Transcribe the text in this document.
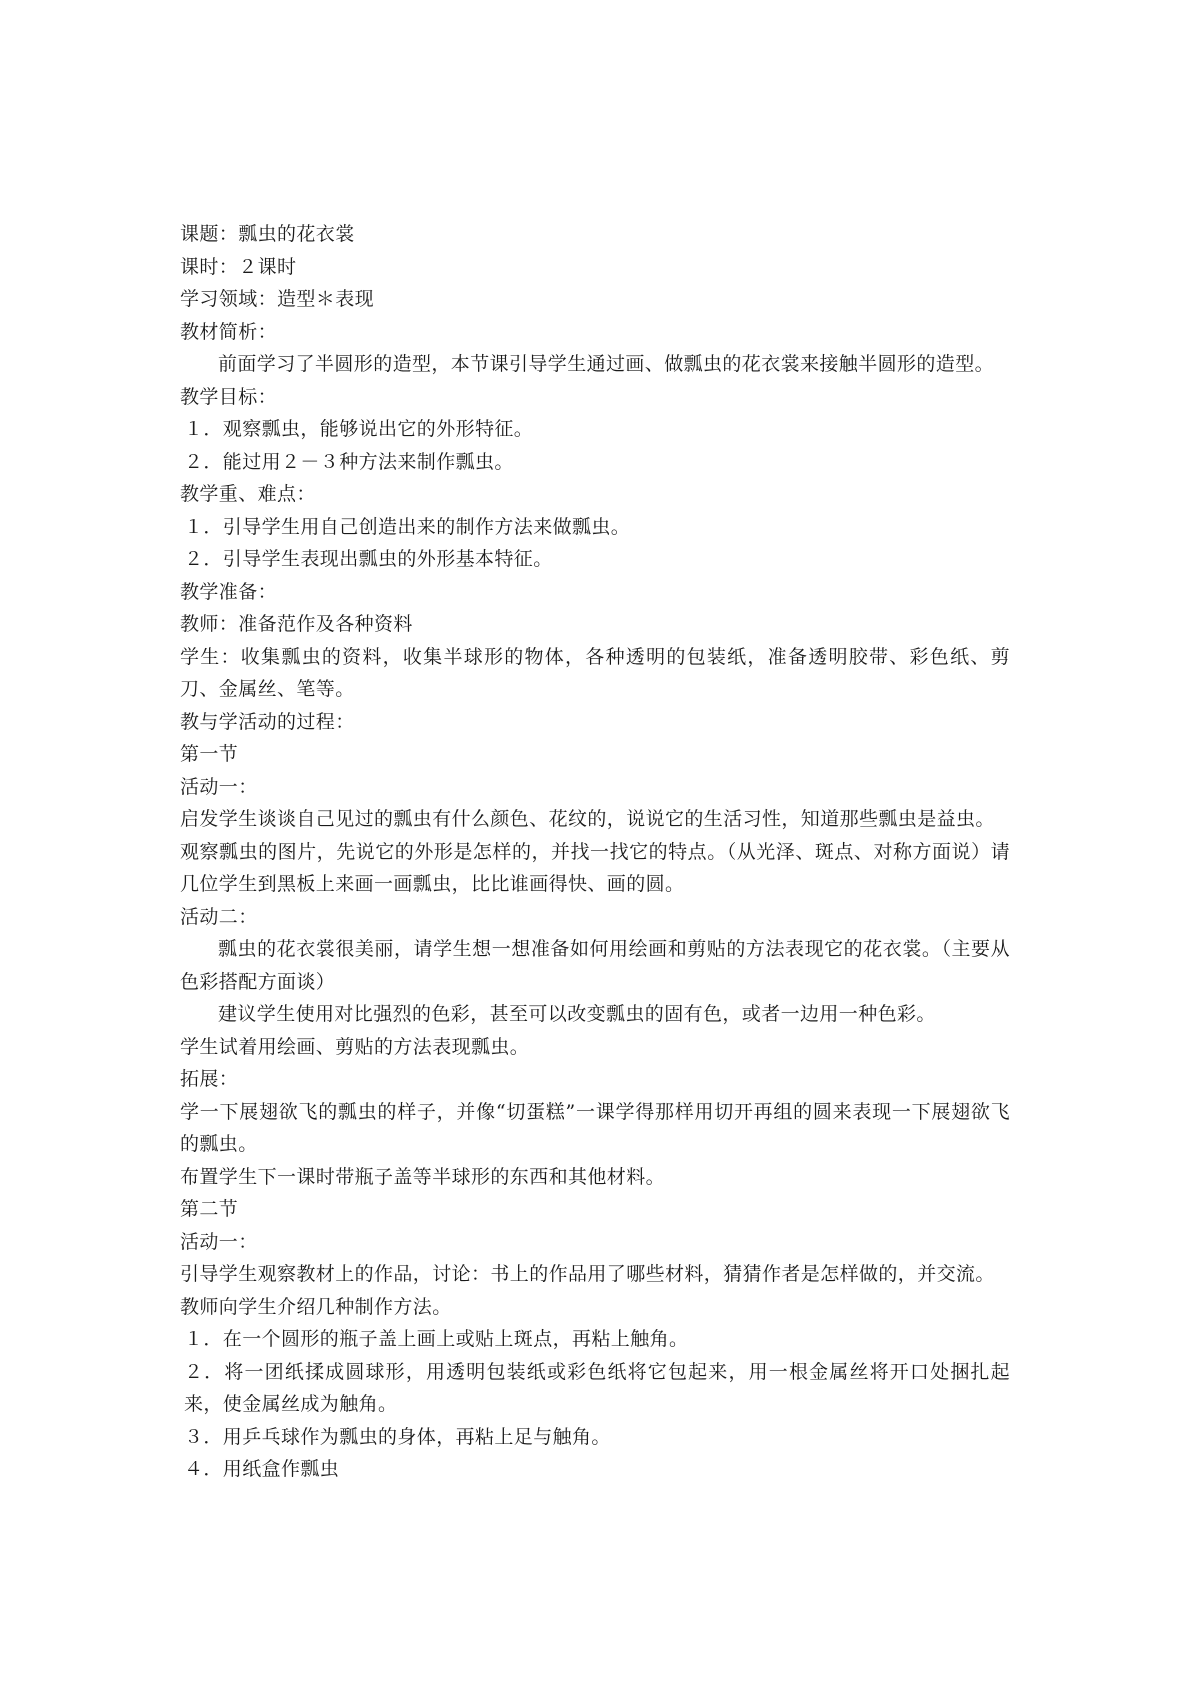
课题：瓢虫的花衣裳

课时：２课时

学习领域：造型＊表现

教材简析：

前面学习了半圆形的造型，本节课引导学生通过画、做瓢虫的花衣裳来接触半圆形的造型。

教学目标：

１．观察瓢虫，能够说出它的外形特征。

２．能过用２－３种方法来制作瓢虫。

教学重、难点：

１．引导学生用自己创造出来的制作方法来做瓢虫。

２．引导学生表现出瓢虫的外形基本特征。

教学准备：

教师：准备范作及各种资料

学生：收集瓢虫的资料，收集半球形的物体，各种透明的包装纸，准备透明胶带、彩色纸、剪刀、金属丝、笔等。

教与学活动的过程：

第一节

活动一：

启发学生谈谈自己见过的瓢虫有什么颜色、花纹的，说说它的生活习性，知道那些瓢虫是益虫。

观察瓢虫的图片，先说它的外形是怎样的，并找一找它的特点。（从光泽、斑点、对称方面说）请几位学生到黑板上来画一画瓢虫，比比谁画得快、画的圆。

活动二：

瓢虫的花衣裳很美丽，请学生想一想准备如何用绘画和剪贴的方法表现它的花衣裳。（主要从色彩搭配方面谈）

建议学生使用对比强烈的色彩，甚至可以改变瓢虫的固有色，或者一边用一种色彩。

学生试着用绘画、剪贴的方法表现瓢虫。

拓展：

学一下展翅欲飞的瓢虫的样子，并像“切蛋糕”一课学得那样用切开再组的圆来表现一下展翅欲飞的瓢虫。

布置学生下一课时带瓶子盖等半球形的东西和其他材料。

第二节

活动一：

引导学生观察教材上的作品，讨论：书上的作品用了哪些材料，猜猜作者是怎样做的，并交流。

教师向学生介绍几种制作方法。

１．在一个圆形的瓶子盖上画上或贴上斑点，再粘上触角。

２．将一团纸揉成圆球形，用透明包装纸或彩色纸将它包起来，用一根金属丝将开口处捆扎起来，使金属丝成为触角。

３．用乒乓球作为瓢虫的身体，再粘上足与触角。

４．用纸盒作瓢虫
